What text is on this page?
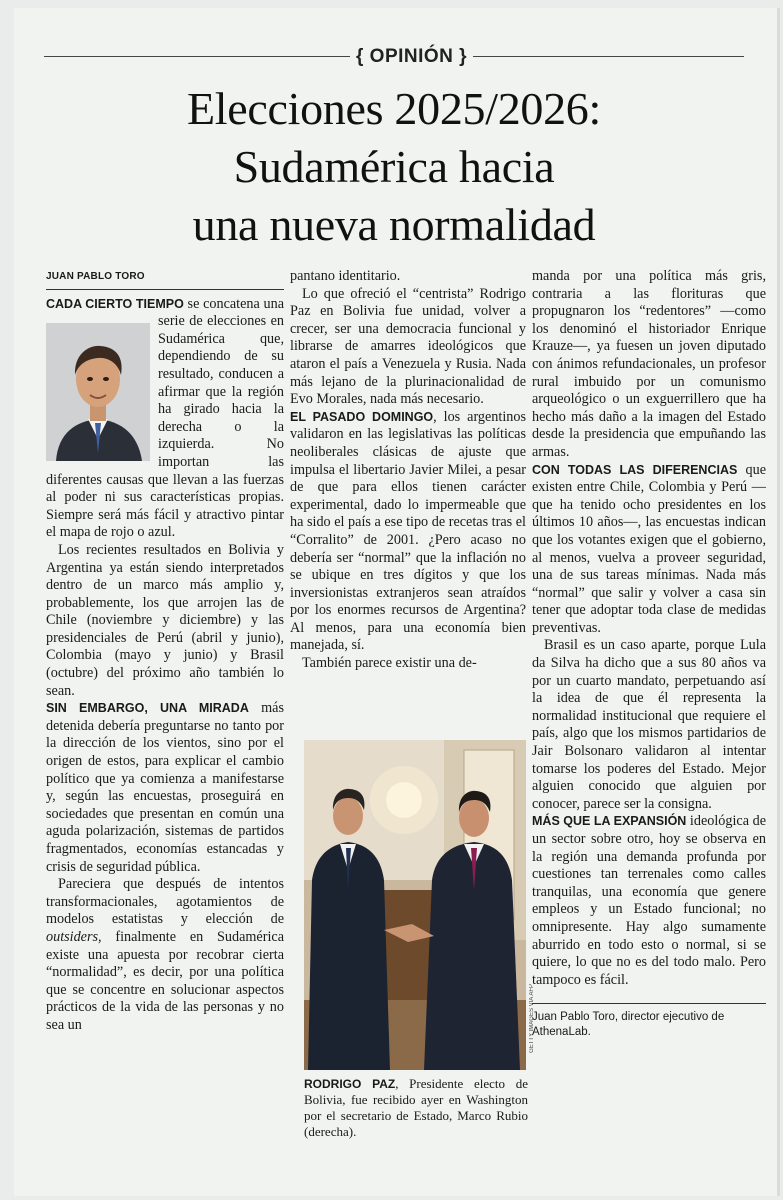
{ OPINIÓN }
Elecciones 2025/2026:
Sudamérica hacia
una nueva normalidad
JUAN PABLO TORO

CADA CIERTO TIEMPO
se concatena una serie de elecciones en Sudamérica que, dependiendo de su resultado, conducen a afirmar que la región ha girado hacia la derecha o la izquierda. No importan las diferentes causas que llevan a las fuerzas al poder ni sus características propias. Siempre será más fácil y atractivo pintar el mapa de rojo o azul.

Los recientes resultados en Bolivia y Argentina ya están siendo interpretados dentro de un marco más amplio y, probablemente, los que arrojen las de Chile (noviembre y diciembre) y las presidenciales de Perú (abril y junio), Colombia (mayo y junio) y Brasil (octubre) del próximo año también lo sean.

SIN EMBARGO, UNA MIRADA más detenida debería preguntarse no tanto por la dirección de los vientos, sino por el origen de estos, para explicar el cambio político que ya comienza a manifestarse y, según las encuestas, proseguirá en sociedades que presentan en común una aguda polarización, sistemas de partidos fragmentados, economías estancadas y crisis de seguridad pública.

Pareciera que después de intentos transformacionales, agotamientos de modelos estatistas y elección de outsiders, finalmente en Sudamérica existe una apuesta por recobrar cierta “normalidad”, es decir, por una política que se concentre en solucionar aspectos prácticos de la vida de las personas y no sea un

pantano identitario.

Lo que ofreció el “centrista” Rodrigo Paz en Bolivia fue unidad, volver a crecer, ser una democracia funcional y librarse de amarres ideológicos que ataron el país a Venezuela y Rusia. Nada más lejano de la plurinacionalidad de Evo Morales, nada más necesario.

EL PASADO DOMINGO, los argentinos validaron en las legislativas las políticas neoliberales clásicas de ajuste que impulsa el libertario Javier Milei, a pesar de que para ellos tienen carácter experimental, dado lo impermeable que ha sido el país a ese tipo de recetas tras el “Corralito” de 2001. ¿Pero acaso no debería ser “normal” que la inflación no se ubique en tres dígitos y que los inversionistas extranjeros sean atraídos por los enormes recursos de Argentina? Al menos, para una economía bien manejada, sí.

También parece existir una de-

GETTY IMAGES VIA AFP
RODRIGO PAZ, Presidente electo de Bolivia, fue recibido ayer en Washington por el secretario de Estado, Marco Rubio (derecha).

manda por una política más gris, contraria a las florituras que propugnaron los “redentores” —como los denominó el historiador Enrique Krauze—, ya fuesen un joven diputado con ánimos refundacionales, un profesor rural imbuido por un comunismo arqueológico o un exguerrillero que ha hecho más daño a la imagen del Estado desde la presidencia que empuñando las armas.

CON TODAS LAS DIFERENCIAS que existen entre Chile, Colombia y Perú —que ha tenido ocho presidentes en los últimos 10 años—, las encuestas indican que los votantes exigen que el gobierno, al menos, vuelva a proveer seguridad, una de sus tareas mínimas. Nada más “normal” que salir y volver a casa sin tener que adoptar toda clase de medidas preventivas.

Brasil es un caso aparte, porque Lula da Silva ha dicho que a sus 80 años va por un cuarto mandato, perpetuando así la idea de que él representa la normalidad institucional que requiere el país, algo que los mismos partidarios de Jair Bolsonaro validaron al intentar tomarse los poderes del Estado. Mejor alguien conocido que alguien por conocer, parece ser la consigna.

MÁS QUE LA EXPANSIÓN ideológica de un sector sobre otro, hoy se observa en la región una demanda profunda por cuestiones tan terrenales como calles tranquilas, una economía que genere empleos y un Estado funcional; no omnipresente. Hay algo sumamente aburrido en todo esto o normal, si se quiere, lo que no es del todo malo. Pero tampoco es fácil.

Juan Pablo Toro, director ejecutivo de AthenaLab.
